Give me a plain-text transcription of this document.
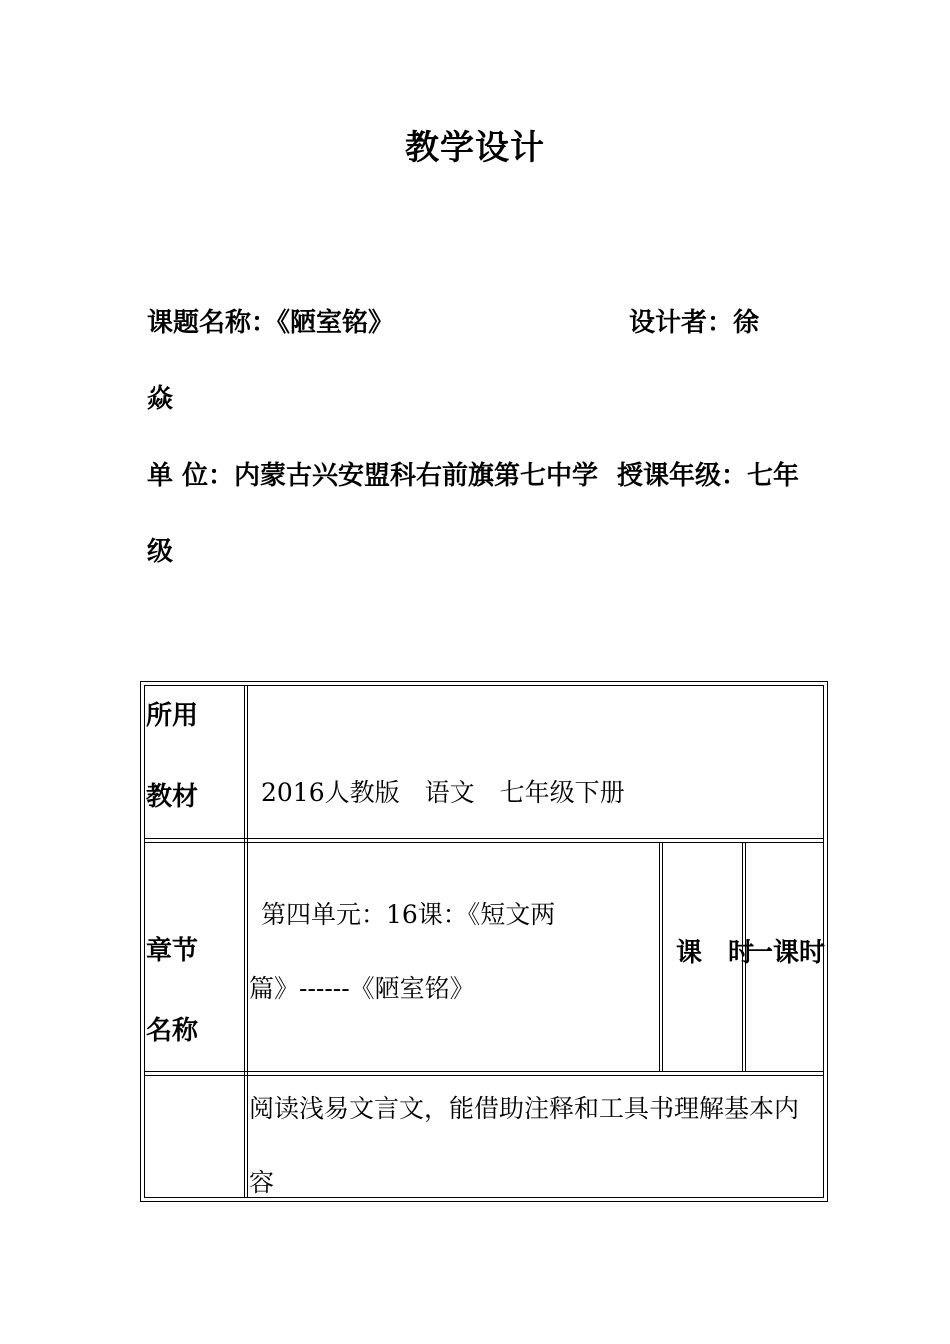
教学设计
课题名称：《陋室铭》	设计者：徐
焱
单 位：内蒙古兴安盟科右前旗第七中学 授课年级：七年
级
所用
教材	2016人教版　语文　七年级下册
章节
名称
第四单元：16课：《短文两
篇》------《陋室铭》
课　时
一课时
阅读浅易文言文，能借助注释和工具书理解基本内
容
